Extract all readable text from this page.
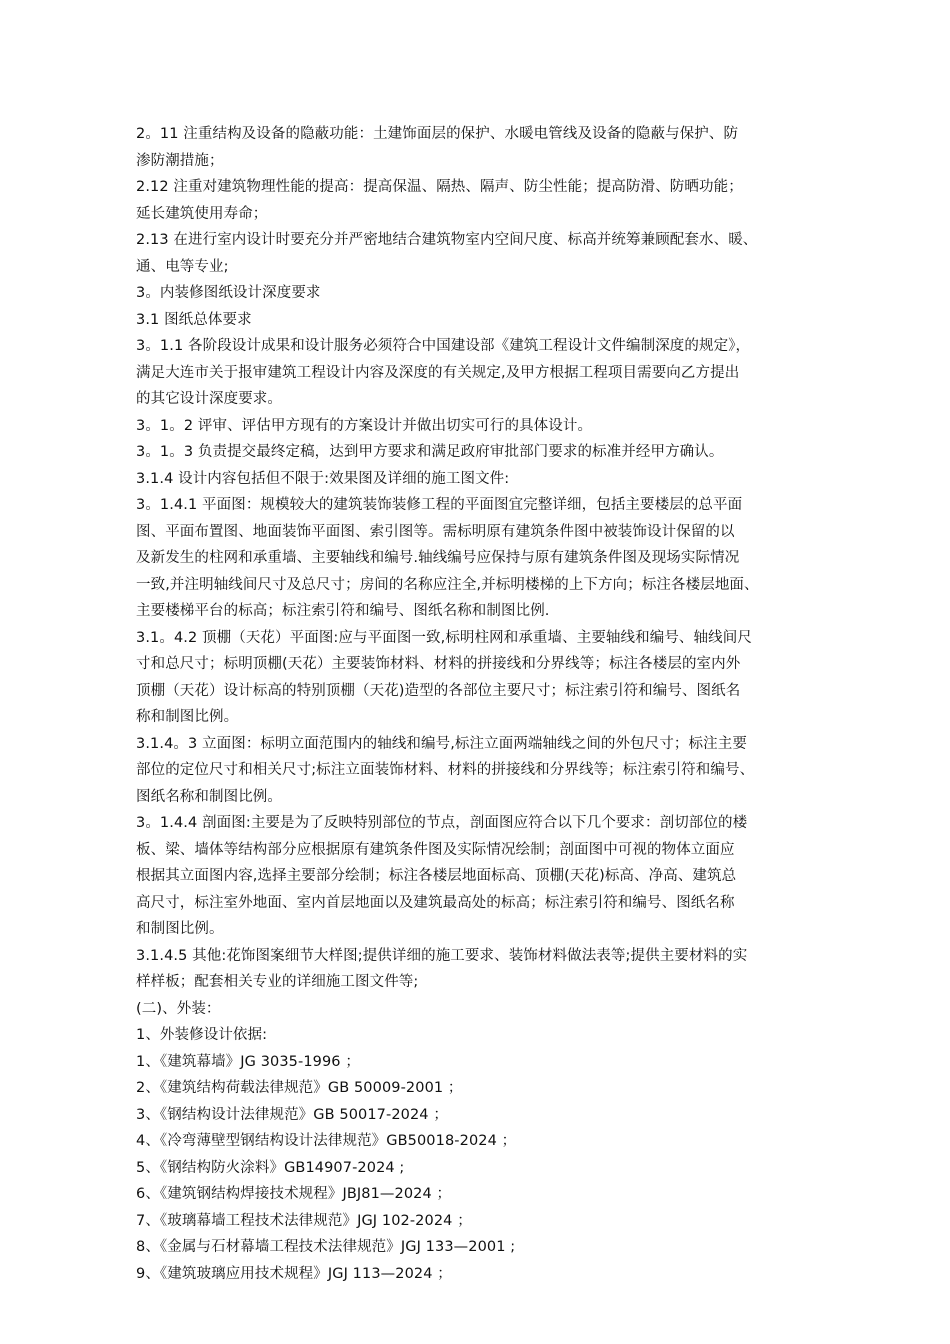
2。11 注重结构及设备的隐蔽功能：土建饰面层的保护、水暖电管线及设备的隐蔽与保护、防
渗防潮措施；
2.12 注重对建筑物理性能的提高：提高保温、隔热、隔声、防尘性能；提高防滑、防晒功能；
延长建筑使用寿命；
2.13 在进行室内设计时要充分并严密地结合建筑物室内空间尺度、标高并统筹兼顾配套水、暖、
通、电等专业;
3。内装修图纸设计深度要求
3.1 图纸总体要求
3。1.1 各阶段设计成果和设计服务必须符合中国建设部《建筑工程设计文件编制深度的规定》，
满足大连市关于报审建筑工程设计内容及深度的有关规定,及甲方根据工程项目需要向乙方提出
的其它设计深度要求。
3。1。2 评审、评估甲方现有的方案设计并做出切实可行的具体设计。
3。1。3 负责提交最终定稿，达到甲方要求和满足政府审批部门要求的标准并经甲方确认。
3.1.4 设计内容包括但不限于:效果图及详细的施工图文件:
3。1.4.1 平面图：规模较大的建筑装饰装修工程的平面图宜完整详细，包括主要楼层的总平面
图、平面布置图、地面装饰平面图、索引图等。需标明原有建筑条件图中被装饰设计保留的以
及新发生的柱网和承重墙、主要轴线和编号.轴线编号应保持与原有建筑条件图及现场实际情况
一致,并注明轴线间尺寸及总尺寸；房间的名称应注全,并标明楼梯的上下方向；标注各楼层地面、
主要楼梯平台的标高；标注索引符和编号、图纸名称和制图比例.
3.1。4.2 顶棚（天花）平面图:应与平面图一致,标明柱网和承重墙、主要轴线和编号、轴线间尺
寸和总尺寸；标明顶棚(天花）主要装饰材料、材料的拼接线和分界线等；标注各楼层的室内外
顶棚（天花）设计标高的特别顶棚（天花)造型的各部位主要尺寸；标注索引符和编号、图纸名
称和制图比例。
3.1.4。3 立面图：标明立面范围内的轴线和编号,标注立面两端轴线之间的外包尺寸；标注主要
部位的定位尺寸和相关尺寸;标注立面装饰材料、材料的拼接线和分界线等；标注索引符和编号、
图纸名称和制图比例。
3。1.4.4 剖面图:主要是为了反映特别部位的节点，剖面图应符合以下几个要求：剖切部位的楼
板、梁、墙体等结构部分应根据原有建筑条件图及实际情况绘制；剖面图中可视的物体立面应
根据其立面图内容,选择主要部分绘制；标注各楼层地面标高、顶棚(天花)标高、净高、建筑总
高尺寸，标注室外地面、室内首层地面以及建筑最高处的标高；标注索引符和编号、图纸名称
和制图比例。
3.1.4.5 其他:花饰图案细节大样图;提供详细的施工要求、装饰材料做法表等;提供主要材料的实
样样板；配套相关专业的详细施工图文件等;
(二)、外装：
1、外装修设计依据:
1、《建筑幕墙》JG 3035-1996 ；
2、《建筑结构荷载法律规范》GB 50009-2001 ；
3、《钢结构设计法律规范》GB 50017-2024 ；
4、《冷弯薄壁型钢结构设计法律规范》GB50018-2024 ；
5、《钢结构防火涂料》GB14907-2024 ;
6、《建筑钢结构焊接技术规程》JBJ81—2024 ；
7、《玻璃幕墙工程技术法律规范》JGJ 102-2024 ；
8、《金属与石材幕墙工程技术法律规范》JGJ 133—2001 ;
9、《建筑玻璃应用技术规程》JGJ 113—2024 ；
